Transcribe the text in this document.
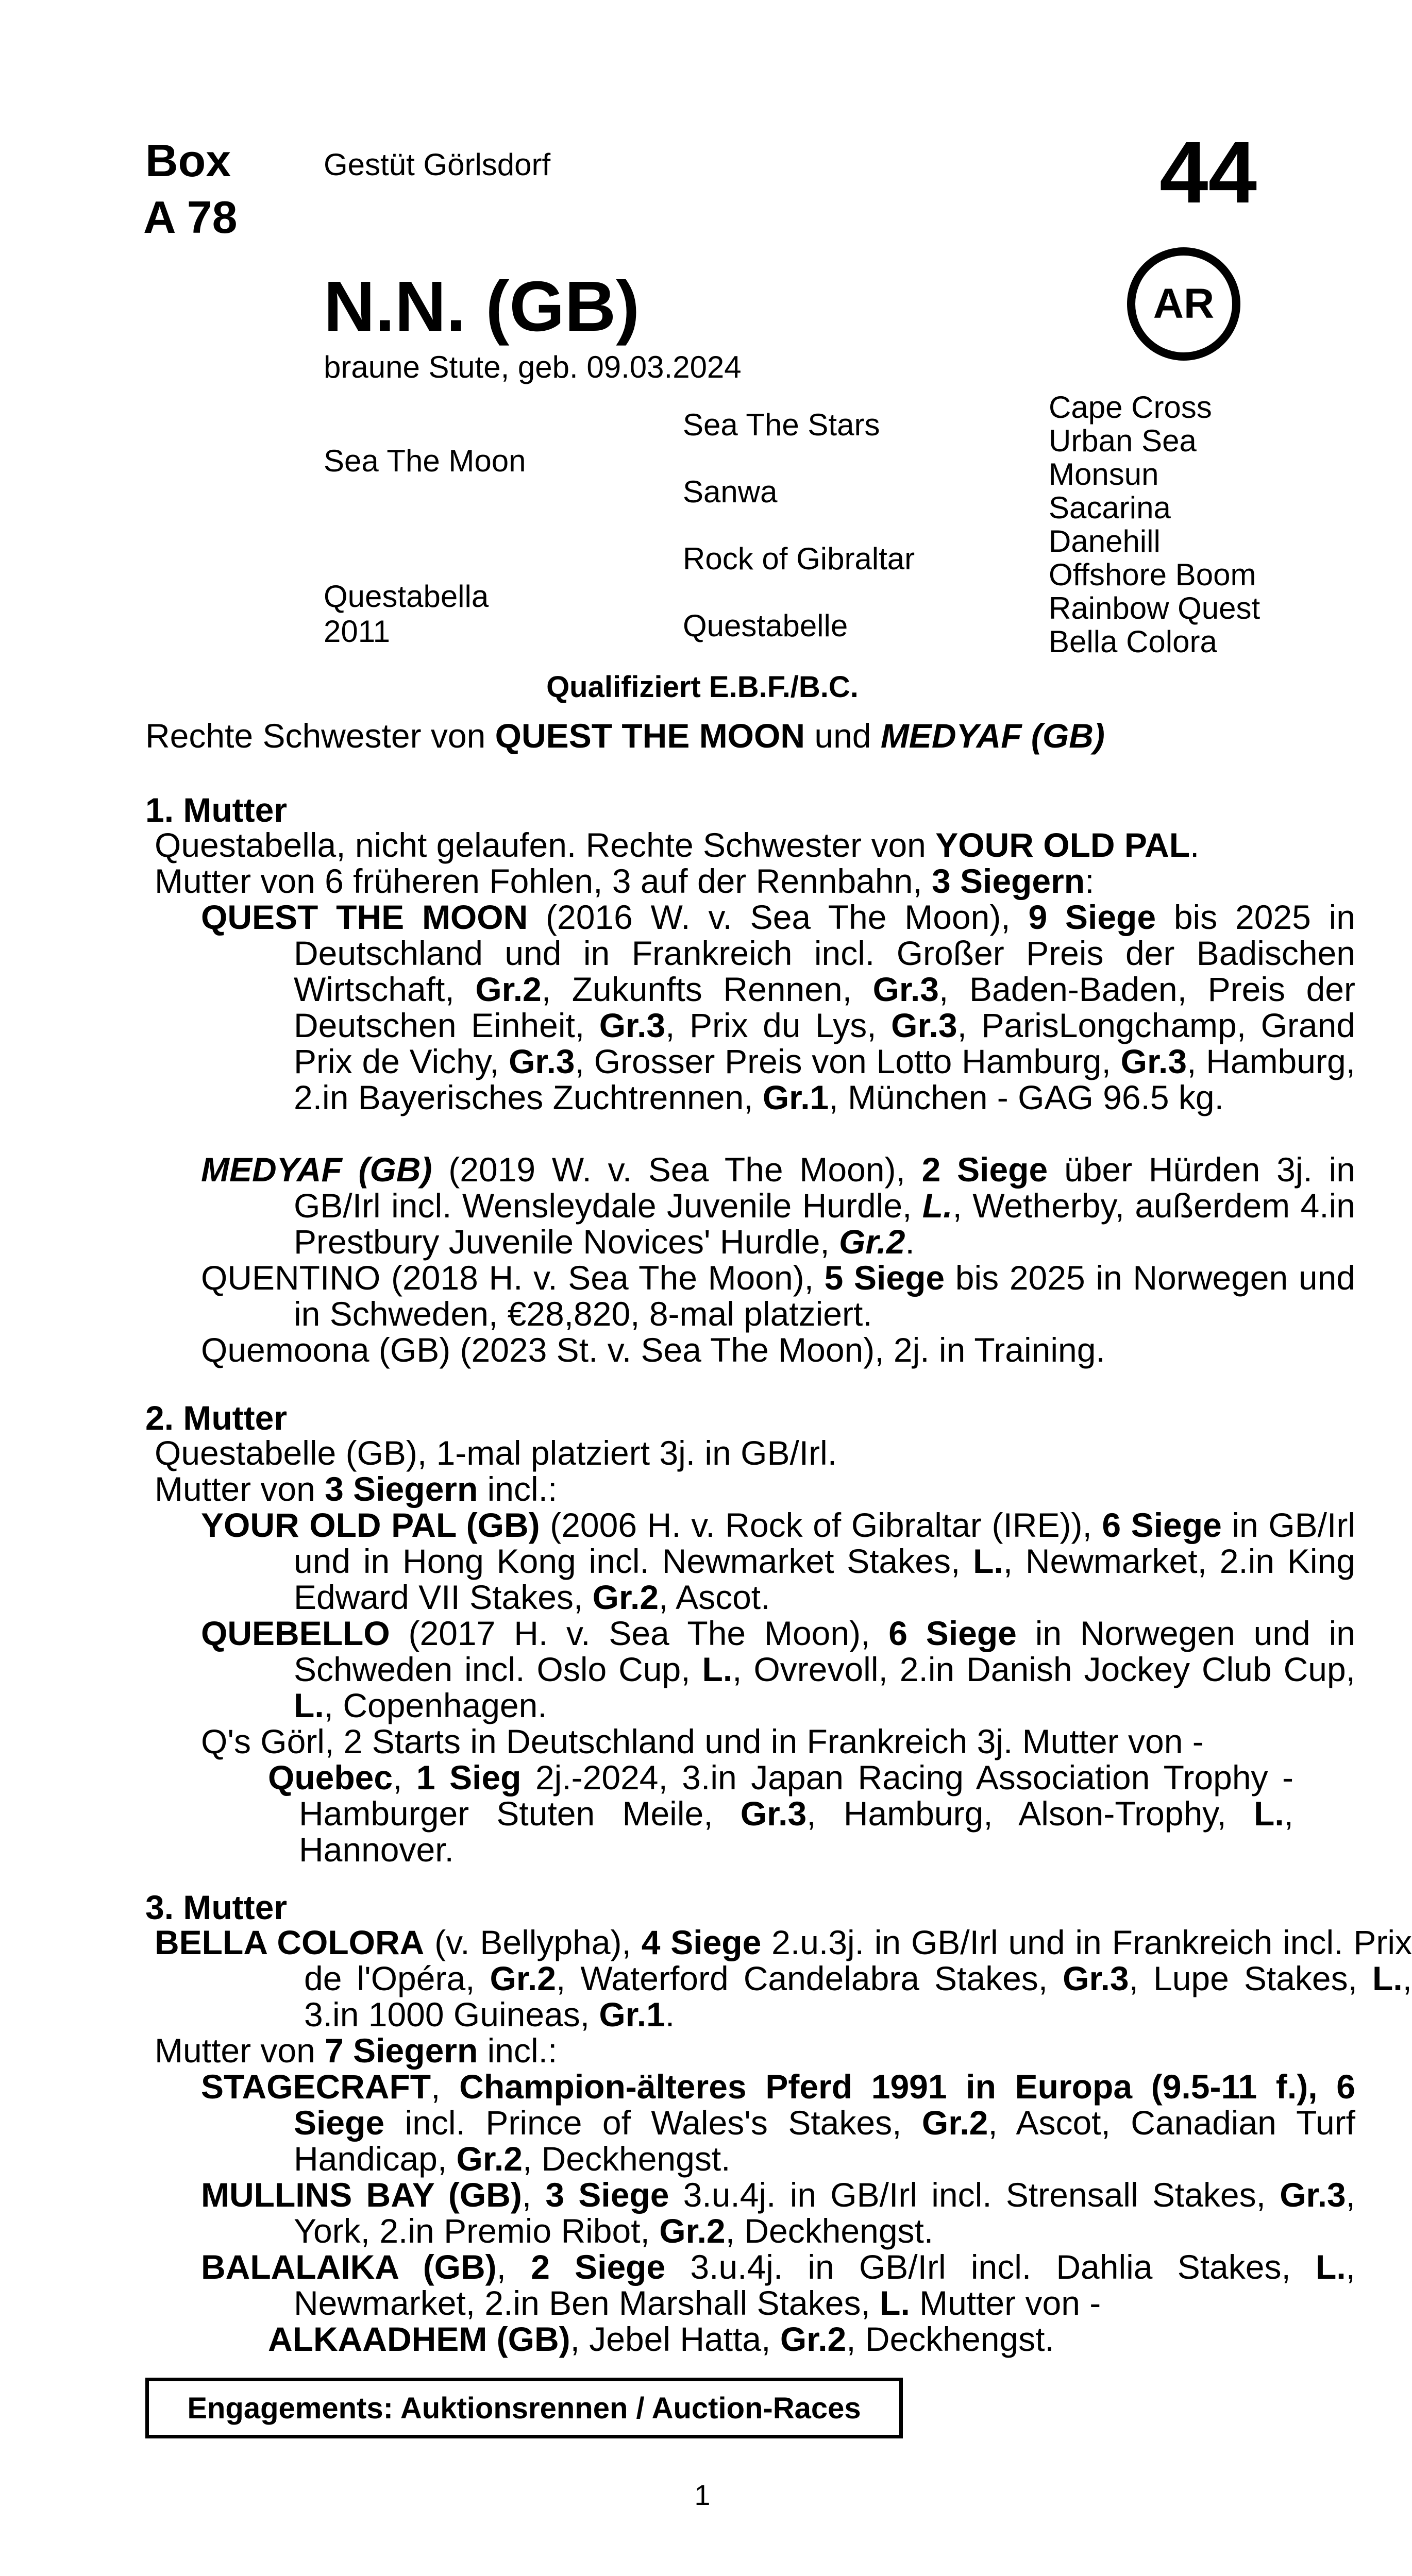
Box
A 78
Gestüt Görlsdorf	44
N.N. (GB)	AR
braune Stute, geb. 09.03.2024
Sea The Moon
Questabella
2011
Sea The Stars
Sanwa
Rock of Gibraltar
Questabelle
Cape Cross
Urban Sea
Monsun
Sacarina
Danehill
Offshore Boom
Rainbow Quest
Bella Colora
Qualifiziert E.B.F./B.C.
Rechte Schwester von QUEST THE MOON und MEDYAF (GB)
1. Mutter
Questabella, nicht gelaufen. Rechte Schwester von YOUR OLD PAL.
Mutter von 6 früheren Fohlen, 3 auf der Rennbahn, 3 Siegern:
QUEST THE MOON (2016 W. v. Sea The Moon), 9 Siege bis 2025 in Deutschland und in Frankreich incl. Großer Preis der Badischen Wirtschaft, Gr.2, Zukunfts Rennen, Gr.3, Baden-Baden, Preis der Deutschen Einheit, Gr.3, Prix du Lys, Gr.3, ParisLongchamp, Grand Prix de Vichy, Gr.3, Grosser Preis von Lotto Hamburg, Gr.3, Hamburg, 2.in Bayerisches Zuchtrennen, Gr.1, München - GAG 96.5 kg.
MEDYAF (GB) (2019 W. v. Sea The Moon), 2 Siege über Hürden 3j. in GB/Irl incl. Wensleydale Juvenile Hurdle, L., Wetherby, außerdem 4.in Prestbury Juvenile Novices' Hurdle, Gr.2.
QUENTINO (2018 H. v. Sea The Moon), 5 Siege bis 2025 in Norwegen und in Schweden, €28,820, 8-mal platziert.
Quemoona (GB) (2023 St. v. Sea The Moon), 2j. in Training.
2. Mutter
Questabelle (GB), 1-mal platziert 3j. in GB/Irl.
Mutter von 3 Siegern incl.:
YOUR OLD PAL (GB) (2006 H. v. Rock of Gibraltar (IRE)), 6 Siege in GB/Irl und in Hong Kong incl. Newmarket Stakes, L., Newmarket, 2.in King Edward VII Stakes, Gr.2, Ascot.
QUEBELLO (2017 H. v. Sea The Moon), 6 Siege in Norwegen und in Schweden incl. Oslo Cup, L., Ovrevoll, 2.in Danish Jockey Club Cup, L., Copenhagen.
Q's Görl, 2 Starts in Deutschland und in Frankreich 3j. Mutter von -
Quebec, 1 Sieg 2j.-2024, 3.in Japan Racing Association Trophy - Hamburger Stuten Meile, Gr.3, Hamburg, Alson-Trophy, L., Hannover.
3. Mutter
BELLA COLORA (v. Bellypha), 4 Siege 2.u.3j. in GB/Irl und in Frankreich incl. Prix de l'Opéra, Gr.2, Waterford Candelabra Stakes, Gr.3, Lupe Stakes, L., 3.in 1000 Guineas, Gr.1.
Mutter von 7 Siegern incl.:
STAGECRAFT, Champion-älteres Pferd 1991 in Europa (9.5-11 f.), 6 Siege incl. Prince of Wales's Stakes, Gr.2, Ascot, Canadian Turf Handicap, Gr.2, Deckhengst.
MULLINS BAY (GB), 3 Siege 3.u.4j. in GB/Irl incl. Strensall Stakes, Gr.3, York, 2.in Premio Ribot, Gr.2, Deckhengst.
BALALAIKA (GB), 2 Siege 3.u.4j. in GB/Irl incl. Dahlia Stakes, L., Newmarket, 2.in Ben Marshall Stakes, L. Mutter von -
ALKAADHEM (GB), Jebel Hatta, Gr.2, Deckhengst.
Engagements: Auktionsrennen / Auction-Races
1
